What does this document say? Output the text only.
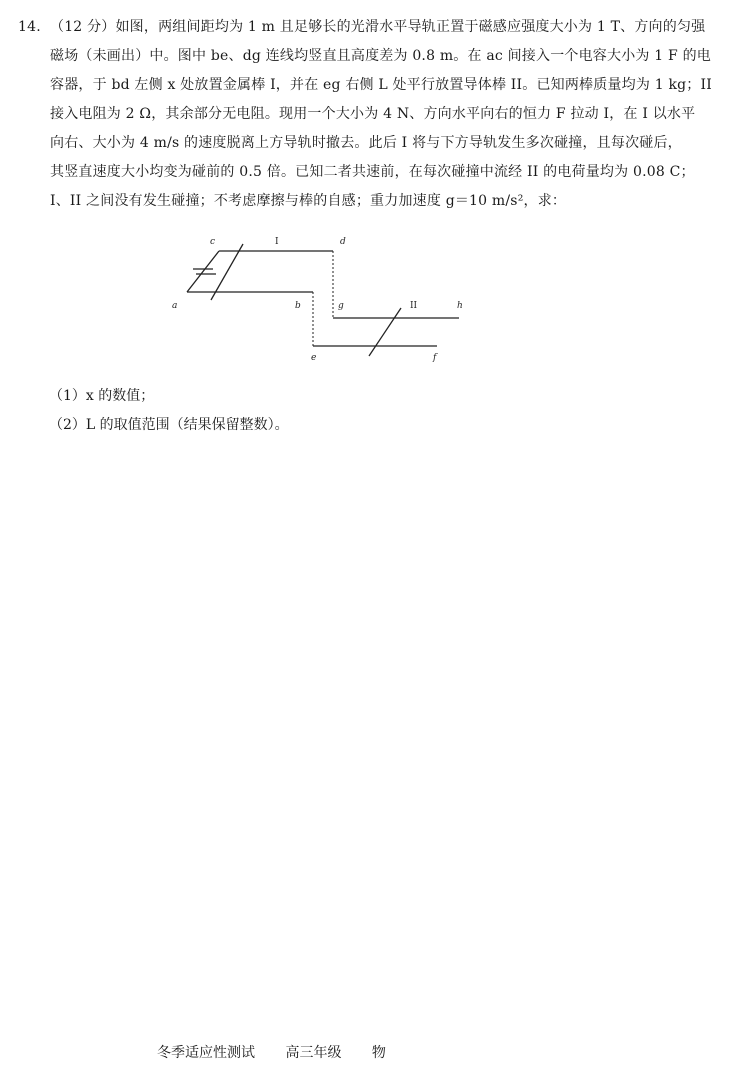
14. （12 分）如图，两组间距均为 1 m 且足够长的光滑水平导轨正置于磁感应强度大小为 1 T、方向的匀强
磁场（未画出）中。图中 be、dg 连线均竖直且高度差为 0.8 m。在 ac 间接入一个电容大小为 1 F 的电
容器，于 bd 左侧 x 处放置金属棒 I，并在 eg 右侧 L 处平行放置导体棒 II。已知两棒质量均为 1 kg；II
接入电阻为 2 Ω，其余部分无电阻。现用一个大小为 4 N、方向水平向右的恒力 F 拉动 I，在 I 以水平
向右、大小为 4 m/s 的速度脱离上方导轨时撤去。此后 I 将与下方导轨发生多次碰撞，且每次碰后，
其竖直速度大小均变为碰前的 0.5 倍。已知二者共速前，在每次碰撞中流经 II 的电荷量均为 0.08 C；
I、II 之间没有发生碰撞；不考虑摩擦与棒的自感；重力加速度 g＝10 m/s²，求：
c	I	d
a	b	g	II	h
e	f
（1）x 的数值；
（2）L 的取值范围（结果保留整数）。
冬季适应性测试 高三年级 物
